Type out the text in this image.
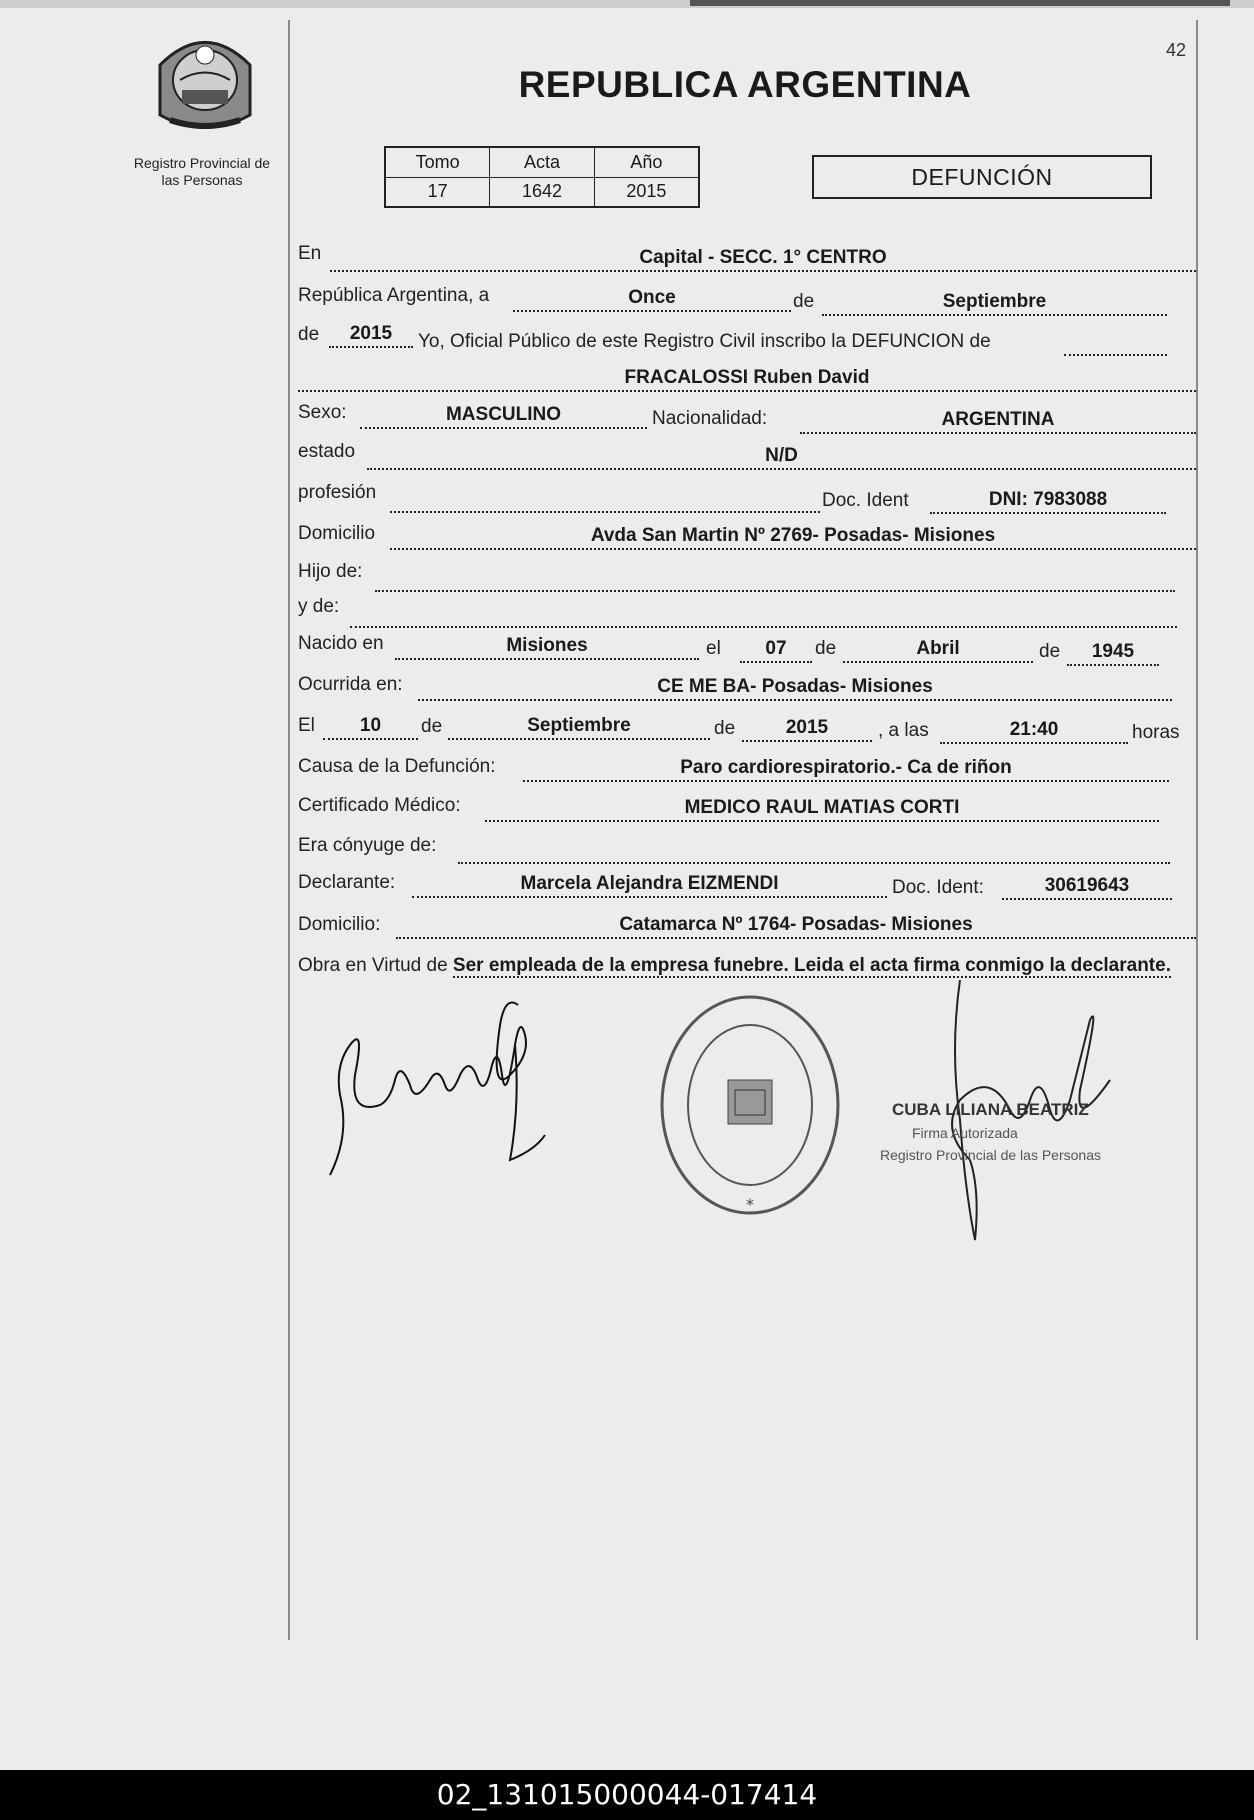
Registro Provincial de
las Personas
42
REPUBLICA ARGENTINA
Tomo	Acta	Año
17	1642	2015
DEFUNCIÓN
En	Capital - SECC. 1° CENTRO
República Argentina, a	Once	de	Septiembre
de	2015	Yo, Oficial Público de este Registro Civil inscribo la DEFUNCION de
FRACALOSSI Ruben David
Sexo:	MASCULINO	Nacionalidad:	ARGENTINA
estado	N/D
profesión	Doc. Ident	DNI: 7983088
Domicilio	Avda San Martin Nº 2769- Posadas- Misiones
Hijo de:
y de:
Nacido en	Misiones	el	07	de	Abril	de	1945
Ocurrida en:	CE ME BA- Posadas- Misiones
El	10	de	Septiembre	de	2015	, a las	21:40	horas
Causa de la Defunción:	Paro cardiorespiratorio.- Ca de riñon
Certificado Médico:	MEDICO RAUL MATIAS CORTI
Era cónyuge de:
Declarante:	Marcela Alejandra EIZMENDI	Doc. Ident:	30619643
Domicilio:	Catamarca Nº 1764- Posadas- Misiones
Obra en Virtud de Ser empleada de la empresa funebre. Leida el acta firma conmigo la declarante.
*
CUBA LILIANA BEATRIZ
Firma Autorizada
Registro Provincial de las Personas
02_131015000044-017414
